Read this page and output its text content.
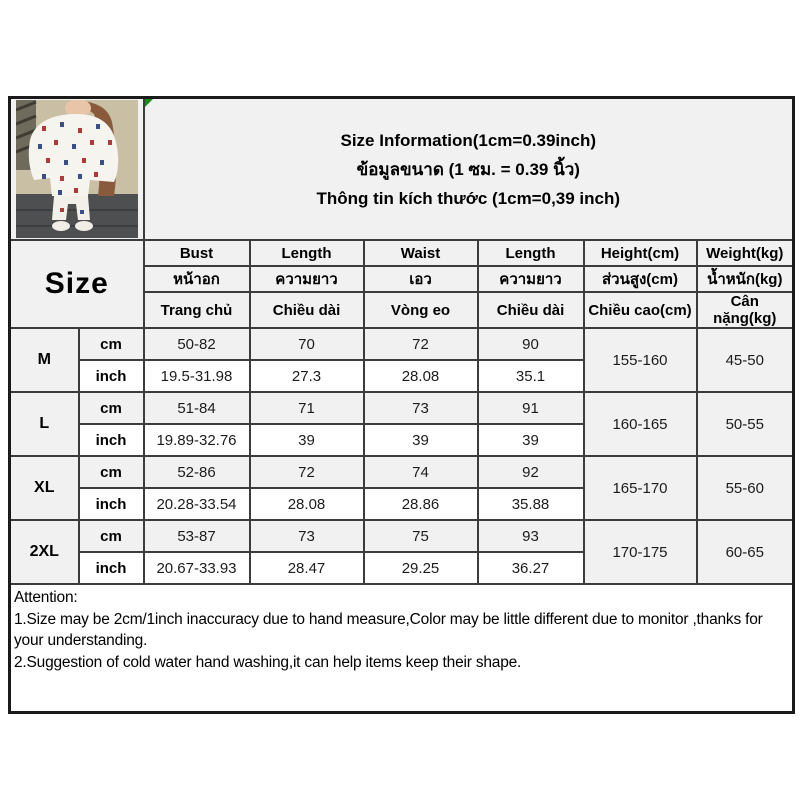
Size Information(1cm=0.39inch)
ข้อมูลขนาด (1 ซม. = 0.39 นิ้ว)
Thông tin kích thước (1cm=0,39 inch)					

Size		Bust	Length	Waist	Length	Height(cm)	Weight(kg)
		หน้าอก	ความยาว	เอว	ความยาว	ส่วนสูง(cm)	น้ำหนัก(kg)
		Trang chủ	Chiều dài	Vòng eo	Chiều dài	Chiều cao(cm)	Cân nặng(kg)
M	cm	50-82	70	72	90	155-160	45-50
	inch	19.5-31.98	27.3	28.08	35.1		
L	cm	51-84	71	73	91	160-165	50-55
	inch	19.89-32.76	39	39	39		
XL	cm	52-86	72	74	92	165-170	55-60
	inch	20.28-33.54	28.08	28.86	35.88		
2XL	cm	53-87	73	75	93	170-175	60-65
	inch	20.67-33.93	28.47	29.25	36.27		

Attention:
1.Size may be 2cm/1inch inaccuracy due to hand measure,Color may be little different due to monitor ,thanks for your understanding.
2.Suggestion of cold water hand washing,it can help items keep their shape.							
